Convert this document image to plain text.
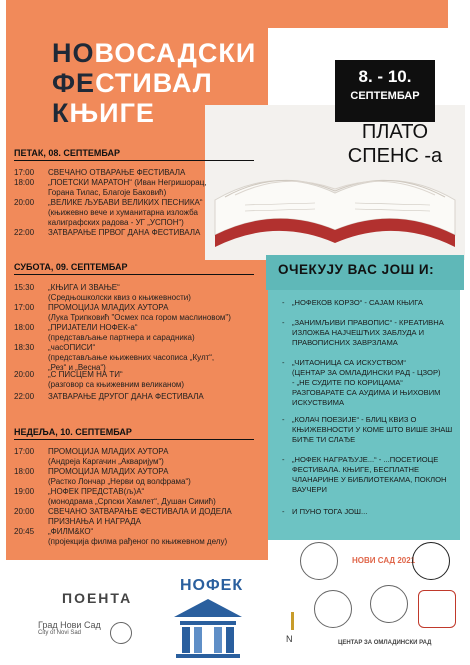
НОВОСАДСКИ
ФЕСТИВАЛ
КЊИГЕ
8. - 10.
СЕПТЕМБАР
ПЛАТО
СПЕНС -а
ПЕТАК, 08. СЕПТЕМБАР
17:00	СВЕЧАНО ОТВАРАЊЕ ФЕСТИВАЛА
18:00	„ПОЕТСКИ МАРАТОН“ (Иван Негришорац,
Горана Тилас, Благоје Баковић)
20:00	„ВЕЛИКЕ ЉУБАВИ ВЕЛИКИХ ПЕСНИКА“
(књижевно вече и хуманитарна изложба
калиграфских радова - УГ „УСПОН“)
22:00	ЗАТВАРАЊЕ ПРВОГ ДАНА ФЕСТИВАЛА
СУБОТА, 09. СЕПТЕМБАР
15:30	„КЊИГА И ЗВАЊЕ“
(Средњошколски квиз о књижевности)
17:00	ПРОМОЦИЈА МЛАДИХ АУТОРА
(Лука Трипковић "Осмех пса гором маслиновом")
18:00	„ПРИЈАТЕЛИ НОФЕК-а“
(представљање партнера и сарадника)
18:30	„часОПИСИ“
(представљање књижевних часописа „Култ“,
„Рез“ и „Весна“)
20:00	„С ПИСЦЕМ НА ТИ“
(разговор са књижевним великаном)
22:00	ЗАТВАРАЊЕ ДРУГОГ ДАНА ФЕСТИВАЛА
НЕДЕЉА, 10. СЕПТЕМБАР
17:00	ПРОМОЦИЈА МЛАДИХ АУТОРА
(Андреја Каргачин „Акваријум“)
18:00	ПРОМОЦИЈА МЛАДИХ АУТОРА
(Растко Лончар „Нерви од волфрама“)
19:00	„НОФЕК ПРЕДСТАВ(љ)А“
(монодрама „Српски Хамлет“, Душан Симић)
20:00	СВЕЧАНО ЗАТВАРАЊЕ ФЕСТИВАЛА И ДОДЕЛА
ПРИЗНАЊА И НАГРАДА
20:45	„ФИЛМ&КО“
(пројекција филма рађеног по књижевном делу)
ОЧЕКУЈУ ВАС ЈОШ И:
- „НОФЕКОВ КОРЗО“ - САЈАМ КЊИГА
- „ЗАНИМЉИВИ ПРАВОПИС“ - КРЕАТИВНА
ИЗЛОЖБА НАЈЧЕШЋИХ ЗАБЛУДА И
ПРАВОПИСНИХ ЗАВРЗЛАМА
- „ЧИТАОНИЦА СА ИСКУСТВОМ“
(ЦЕНТАР ЗА ОМЛАДИНСКИ РАД - ЦЗОР)
- „НЕ СУДИТЕ ПО КОРИЦАМА“
РАЗГОВАРАТЕ СА АУДИМА И ЊИХОВИМ
ИСКУСТВИМА
- „КОЛАЧ ПОЕЗИЈЕ“ - БЛИЦ КВИЗ О
КЊИЖЕВНОСТИ У КОМЕ ШТО ВИШЕ ЗНАШ
БИЋЕ ТИ СЛАЂЕ
- „НОФЕК НАГРАЂУЈЕ...“ - ...ПОСЕТИОЦЕ
ФЕСТИВАЛА. КЊИГЕ, БЕСПЛАТНЕ
ЧЛАНАРИНЕ У БИБЛИОТЕКАМА, ПОКЛОН
ВАУЧЕРИ
- И ПУНО ТОГА ЈОШ...
ПОЕНТА
Град Нови Сад
City of Novi Sad
НОФЕК
N
НОВИ САД 2021
ЦЕНТАР ЗА ОМЛАДИНСКИ РАД
